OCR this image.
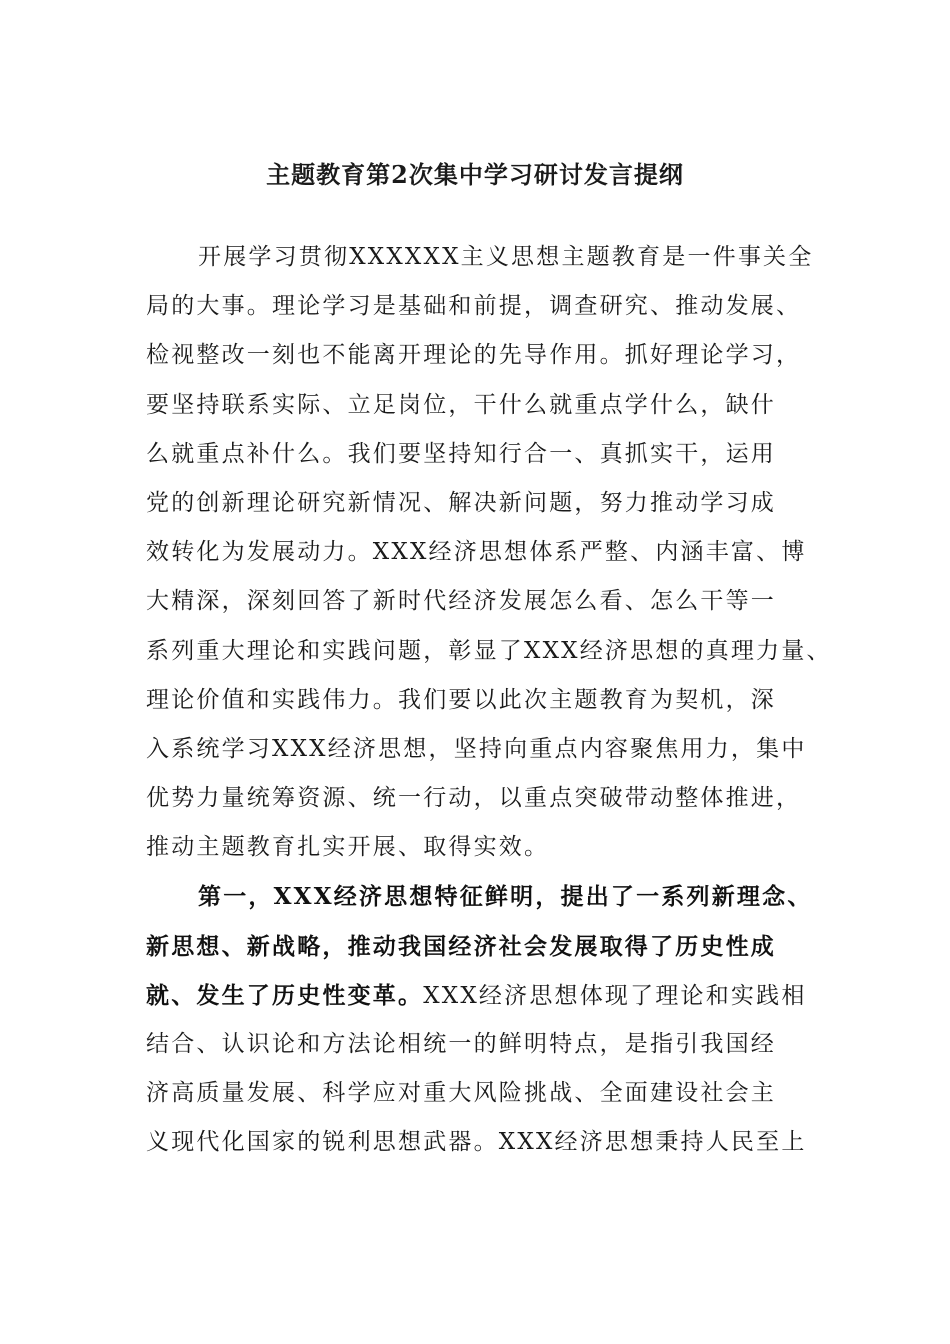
主题教育第2次集中学习研讨发言提纲
开展学习贯彻XXXXXX主义思想主题教育是一件事关全
局的大事。理论学习是基础和前提，调查研究、推动发展、
检视整改一刻也不能离开理论的先导作用。抓好理论学习，
要坚持联系实际、立足岗位，干什么就重点学什么，缺什
么就重点补什么。我们要坚持知行合一、真抓实干，运用
党的创新理论研究新情况、解决新问题，努力推动学习成
效转化为发展动力。XXX经济思想体系严整、内涵丰富、博
大精深，深刻回答了新时代经济发展怎么看、怎么干等一
系列重大理论和实践问题，彰显了XXX经济思想的真理力量、
理论价值和实践伟力。我们要以此次主题教育为契机，深
入系统学习XXX经济思想，坚持向重点内容聚焦用力，集中
优势力量统筹资源、统一行动，以重点突破带动整体推进，
推动主题教育扎实开展、取得实效。
第一，XXX经济思想特征鲜明，提出了一系列新理念、
新思想、新战略，推动我国经济社会发展取得了历史性成
就、发生了历史性变革。XXX经济思想体现了理论和实践相
结合、认识论和方法论相统一的鲜明特点，是指引我国经
济高质量发展、科学应对重大风险挑战、全面建设社会主
义现代化国家的锐利思想武器。XXX经济思想秉持人民至上
